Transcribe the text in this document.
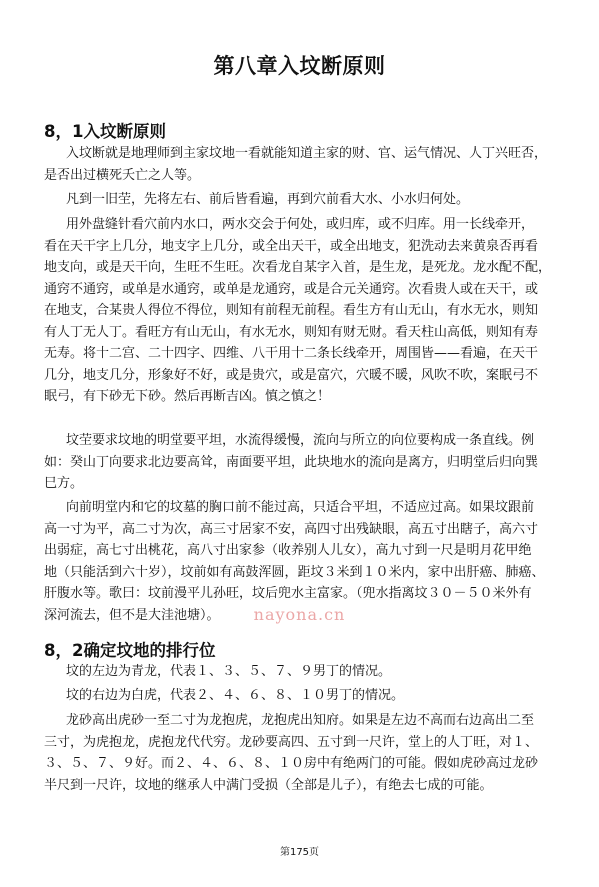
第八章入坟断原则
8，1入坟断原则

入坟断就是地理师到主家坟地一看就能知道主家的财、官、运气情况、人丁兴旺否，
是否出过横死夭亡之人等。

凡到一旧茔，先将左右、前后皆看遍，再到穴前看大水、小水归何处。

用外盘缝针看穴前内水口，两水交会于何处，或归库，或不归库。用一长线牵开，
看在天干字上几分，地支字上几分，或全出天干，或全出地支，犯洗动去来黄泉否再看
地支向，或是天干向，生旺不生旺。次看龙自某字入首，是生龙，是死龙。龙水配不配，
通窍不通窍，或单是水通窍，或单是龙通窍，或是合元关通窍。次看贵人或在天干，或
在地支，合某贵人得位不得位，则知有前程无前程。看生方有山无山，有水无水，则知
有人丁无人丁。看旺方有山无山，有水无水，则知有财无财。看天柱山高低，则知有寿
无寿。将十二宫、二十四字、四维、八干用十二条长线牵开，周围皆——看遍，在天干
几分，地支几分，形象好不好，或是贵穴，或是富穴，穴暖不暖，风吹不吹，案眠弓不
眠弓，有下砂无下砂。然后再断吉凶。慎之慎之！

坟茔要求坟地的明堂要平坦，水流得缓慢，流向与所立的向位要构成一条直线。例
如：癸山丁向要求北边要高耸，南面要平坦，此块地水的流向是离方，归明堂后归向巽
巳方。

向前明堂内和它的坟墓的胸口前不能过高，只适合平坦，不适应过高。如果坟跟前
高一寸为平，高二寸为次，高三寸居家不安，高四寸出残缺眼，高五寸出瞎子，高六寸
出弱症，高七寸出桃花，高八寸出家参（收养别人儿女），高九寸到一尺是明月花甲绝
地（只能活到六十岁），坟前如有高鼓浑圆，距坟３米到１０米内，家中出肝癌、肺癌、
肝腹水等。歌曰：坟前漫平儿孙旺，坟后兜水主富家。（兜水指离坟３０－５０米外有
深河流去，但不是大洼池塘）。	nayona.cn
8，2确定坟地的排行位

坟的左边为青龙，代表１、３、５、７、９男丁的情况。

坟的右边为白虎，代表２、４、６、８、１０男丁的情况。

龙砂高出虎砂一至二寸为龙抱虎，龙抱虎出知府。如果是左边不高而右边高出二至
三寸，为虎抱龙，虎抱龙代代穷。龙砂要高四、五寸到一尺许，堂上的人丁旺，对１、
３、５、７、９好。而２、４、６、８、１０房中有绝两门的可能。假如虎砂高过龙砂
半尺到一尺许，坟地的继承人中满门受损（全部是儿子），有绝去七成的可能。

第175页
